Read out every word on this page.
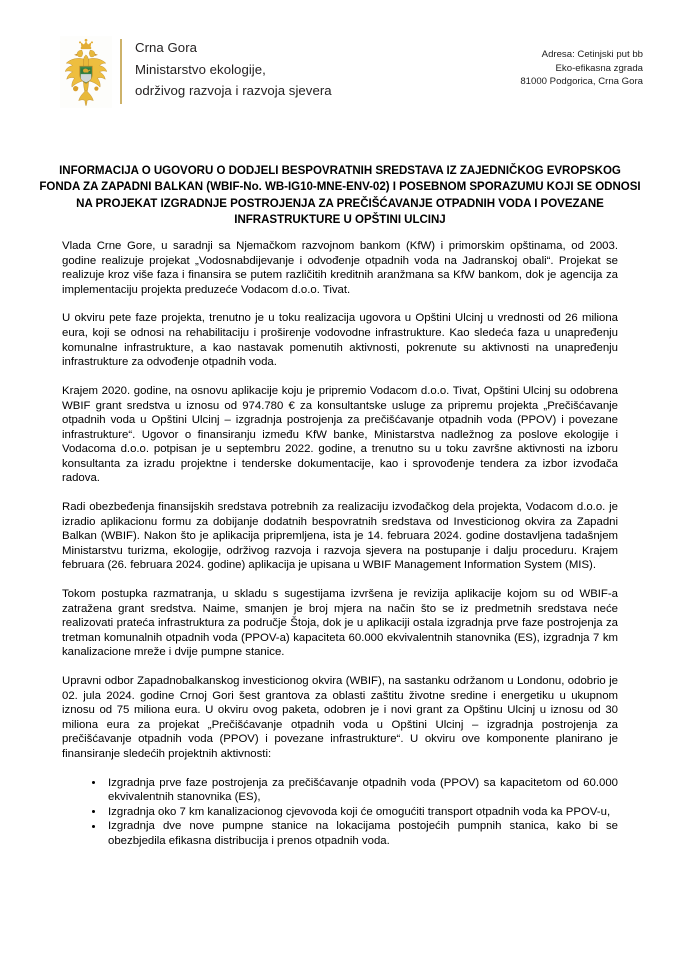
Crna Gora
Ministarstvo ekologije,
održivog razvoja i razvoja sjevera
Adresa: Cetinjski put bb
Eko-efikasna zgrada
81000 Podgorica, Crna Gora
INFORMACIJA O UGOVORU O DODJELI BESPOVRATNIH SREDSTAVA IZ ZAJEDNIČKOG EVROPSKOG FONDA ZA ZAPADNI BALKAN (WBIF-No. WB-IG10-MNE-ENV-02) I POSEBNOM SPORAZUMU KOJI SE ODNOSI NA PROJEKAT IZGRADNJE POSTROJENJA ZA PREČIŠĆAVANJE OTPADNIH VODA I POVEZANE INFRASTRUKTURE U OPŠTINI ULCINJ

Vlada Crne Gore, u saradnji sa Njemačkom razvojnom bankom (KfW) i primorskim opštinama, od 2003. godine realizuje projekat „Vodosnabdijevanje i odvođenje otpadnih voda na Jadranskoj obali“. Projekat se realizuje kroz više faza i finansira se putem različitih kreditnih aranžmana sa KfW bankom, dok je agencija za implementaciju projekta preduzeće Vodacom d.o.o. Tivat.

U okviru pete faze projekta, trenutno je u toku realizacija ugovora u Opštini Ulcinj u vrednosti od 26 miliona eura, koji se odnosi na rehabilitaciju i proširenje vodovodne infrastrukture. Kao sledeća faza u unapređenju komunalne infrastrukture, a kao nastavak pomenutih aktivnosti, pokrenute su aktivnosti na unapređenju infrastrukture za odvođenje otpadnih voda.

Krajem 2020. godine, na osnovu aplikacije koju je pripremio Vodacom d.o.o. Tivat, Opštini Ulcinj su odobrena WBIF grant sredstva u iznosu od 974.780 € za konsultantske usluge za pripremu projekta „Prečišćavanje otpadnih voda u Opštini Ulcinj – izgradnja postrojenja za prečišćavanje otpadnih voda (PPOV) i povezane infrastrukture“. Ugovor o finansiranju između KfW banke, Ministarstva nadležnog za poslove ekologije i Vodacoma d.o.o. potpisan je u septembru 2022. godine, a trenutno su u toku završne aktivnosti na izboru konsultanta za izradu projektne i tenderske dokumentacije, kao i sprovođenje tendera za izbor izvođača radova.

Radi obezbeđenja finansijskih sredstava potrebnih za realizaciju izvođačkog dela projekta, Vodacom d.o.o. je izradio aplikacionu formu za dobijanje dodatnih bespovratnih sredstava od Investicionog okvira za Zapadni Balkan (WBIF). Nakon što je aplikacija pripremljena, ista je 14. februara 2024. godine dostavljena tadašnjem Ministarstvu turizma, ekologije, održivog razvoja i razvoja sjevera na postupanje i dalju proceduru. Krajem februara (26. februara 2024. godine) aplikacija je upisana u WBIF Management Information System (MIS).

Tokom postupka razmatranja, u skladu s sugestijama izvršena je revizija aplikacije kojom su od WBIF-a zatražena grant sredstva. Naime, smanjen je broj mjera na način što se iz predmetnih sredstava neće realizovati prateća infrastruktura za područje Štoja, dok je u aplikaciji ostala izgradnja prve faze postrojenja za tretman komunalnih otpadnih voda (PPOV-a) kapaciteta 60.000 ekvivalentnih stanovnika (ES), izgradnja 7 km kanalizacione mreže i dvije pumpne stanice.

Upravni odbor Zapadnobalkanskog investicionog okvira (WBIF), na sastanku održanom u Londonu, odobrio je 02. jula 2024. godine Crnoj Gori šest grantova za oblasti zaštitu životne sredine i energetiku u ukupnom iznosu od 75 miliona eura. U okviru ovog paketa, odobren je i novi grant za Opštinu Ulcinj u iznosu od 30 miliona eura za projekat „Prečišćavanje otpadnih voda u Opštini Ulcinj – izgradnja postrojenja za prečišćavanje otpadnih voda (PPOV) i povezane infrastrukture“. U okviru ove komponente planirano je finansiranje sledećih projektnih aktivnosti:

Izgradnja prve faze postrojenja za prečišćavanje otpadnih voda (PPOV) sa kapacitetom od 60.000 ekvivalentnih stanovnika (ES),
Izgradnja oko 7 km kanalizacionog cjevovoda koji će omogućiti transport otpadnih voda ka PPOV-u,
Izgradnja dve nove pumpne stanice na lokacijama postojećih pumpnih stanica, kako bi se obezbjedila efikasna distribucija i prenos otpadnih voda.
